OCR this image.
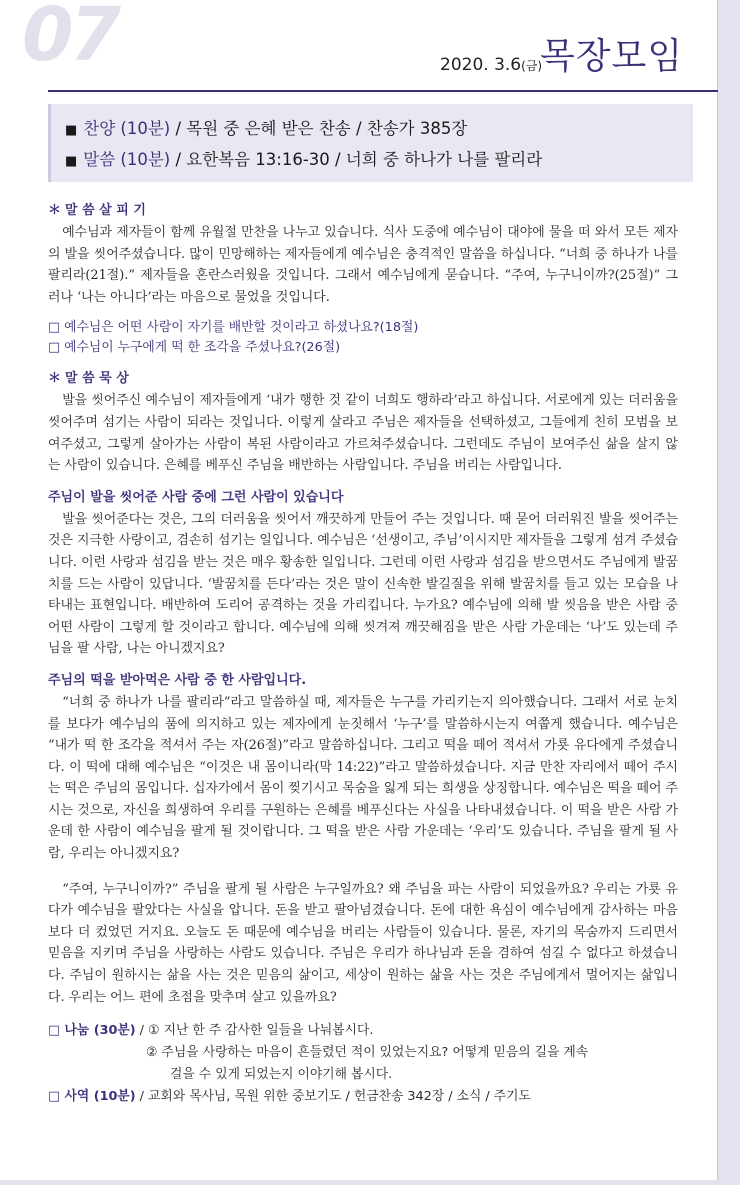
07	2020. 3.6(금)
목장모임
■ 찬양 (10분) / 목원 중 은혜 받은 찬송 / 찬송가 385장
■ 말씀 (10분) / 요한복음 13:16-30 / 너희 중 하나가 나를 팔리라
＊ 말 씀 살 피 기

예수님과 제자들이 함께 유월절 만찬을 나누고 있습니다. 식사 도중에 예수님이 대야에 물을 떠 와서 모든 제자의 발을 씻어주셨습니다. 많이 민망해하는 제자들에게 예수님은 충격적인 말씀을 하십니다. “너희 중 하나가 나를 팔리라(21절).” 제자들을 혼란스러웠을 것입니다. 그래서 예수님에게 묻습니다. “주여, 누구니이까?(25절)” 그러나 ‘나는 아니다’라는 마음으로 물었을 것입니다.

□ 예수님은 어떤 사람이 자기를 배반할 것이라고 하셨나요?(18절)
□ 예수님이 누구에게 떡 한 조각을 주셨나요?(26절)
＊ 말 씀 묵 상

발을 씻어주신 예수님이 제자들에게 ‘내가 행한 것 같이 너희도 행하라’라고 하십니다. 서로에게 있는 더러움을 씻어주며 섬기는 사람이 되라는 것입니다. 이렇게 살라고 주님은 제자들을 선택하셨고, 그들에게 친히 모범을 보여주셨고, 그렇게 살아가는 사람이 복된 사람이라고 가르쳐주셨습니다. 그런데도 주님이 보여주신 삶을 살지 않는 사람이 있습니다. 은혜를 베푸신 주님을 배반하는 사람입니다. 주님을 버리는 사람입니다.

주님이 발을 씻어준 사람 중에 그런 사람이 있습니다

발을 씻어준다는 것은, 그의 더러움을 씻어서 깨끗하게 만들어 주는 것입니다. 때 묻어 더러워진 발을 씻어주는 것은 지극한 사랑이고, 겸손히 섬기는 일입니다. 예수님은 ‘선생이고, 주님’이시지만 제자들을 그렇게 섬겨 주셨습니다. 이런 사랑과 섬김을 받는 것은 매우 황송한 일입니다. 그런데 이런 사랑과 섬김을 받으면서도 주님에게 발꿈치를 드는 사람이 있답니다. ‘발꿈치를 든다’라는 것은 말이 신속한 발길질을 위해 발꿈치를 들고 있는 모습을 나타내는 표현입니다. 배반하여 도리어 공격하는 것을 가리킵니다. 누가요? 예수님에 의해 발 씻음을 받은 사람 중 어떤 사람이 그렇게 할 것이라고 합니다. 예수님에 의해 씻겨져 깨끗해짐을 받은 사람 가운데는 ‘나’도 있는데 주님을 팔 사람, 나는 아니겠지요?

주님의 떡을 받아먹은 사람 중 한 사람입니다.

“너희 중 하나가 나를 팔리라”라고 말씀하실 때, 제자들은 누구를 가리키는지 의아했습니다. 그래서 서로 눈치를 보다가 예수님의 품에 의지하고 있는 제자에게 눈짓해서 ‘누구’를 말씀하시는지 여쭙게 했습니다. 예수님은 “내가 떡 한 조각을 적셔서 주는 자(26절)”라고 말씀하십니다. 그리고 떡을 떼어 적셔서 가룟 유다에게 주셨습니다. 이 떡에 대해 예수님은 “이것은 내 몸이니라(막 14:22)”라고 말씀하셨습니다. 지금 만찬 자리에서 떼어 주시는 떡은 주님의 몸입니다. 십자가에서 몸이 찢기시고 목숨을 잃게 되는 희생을 상징합니다. 예수님은 떡을 떼어 주시는 것으로, 자신을 희생하여 우리를 구원하는 은혜를 베푸신다는 사실을 나타내셨습니다. 이 떡을 받은 사람 가운데 한 사람이 예수님을 팔게 될 것이랍니다. 그 떡을 받은 사람 가운데는 ‘우리’도 있습니다. 주님을 팔게 될 사람, 우리는 아니겠지요?

“주여, 누구니이까?” 주님을 팔게 될 사람은 누구일까요? 왜 주님을 파는 사람이 되었을까요? 우리는 가룟 유다가 예수님을 팔았다는 사실을 압니다. 돈을 받고 팔아넘겼습니다. 돈에 대한 욕심이 예수님에게 감사하는 마음보다 더 컸었던 거지요. 오늘도 돈 때문에 예수님을 버리는 사람들이 있습니다. 물론, 자기의 목숨까지 드리면서 믿음을 지키며 주님을 사랑하는 사람도 있습니다. 주님은 우리가 하나님과 돈을 겸하여 섬길 수 없다고 하셨습니다. 주님이 원하시는 삶을 사는 것은 믿음의 삶이고, 세상이 원하는 삶을 사는 것은 주님에게서 멀어지는 삶입니다. 우리는 어느 편에 초점을 맞추며 살고 있을까요?

□ 나눔 (30분) / ① 지난 한 주 감사한 일들을 나눠봅시다.
② 주님을 사랑하는 마음이 흔들렸던 적이 있었는지요? 어떻게 믿음의 길을 계속
걸을 수 있게 되었는지 이야기해 봅시다.
□ 사역 (10분) / 교회와 목사님, 목원 위한 중보기도 / 헌금찬송 342장 / 소식 / 주기도
